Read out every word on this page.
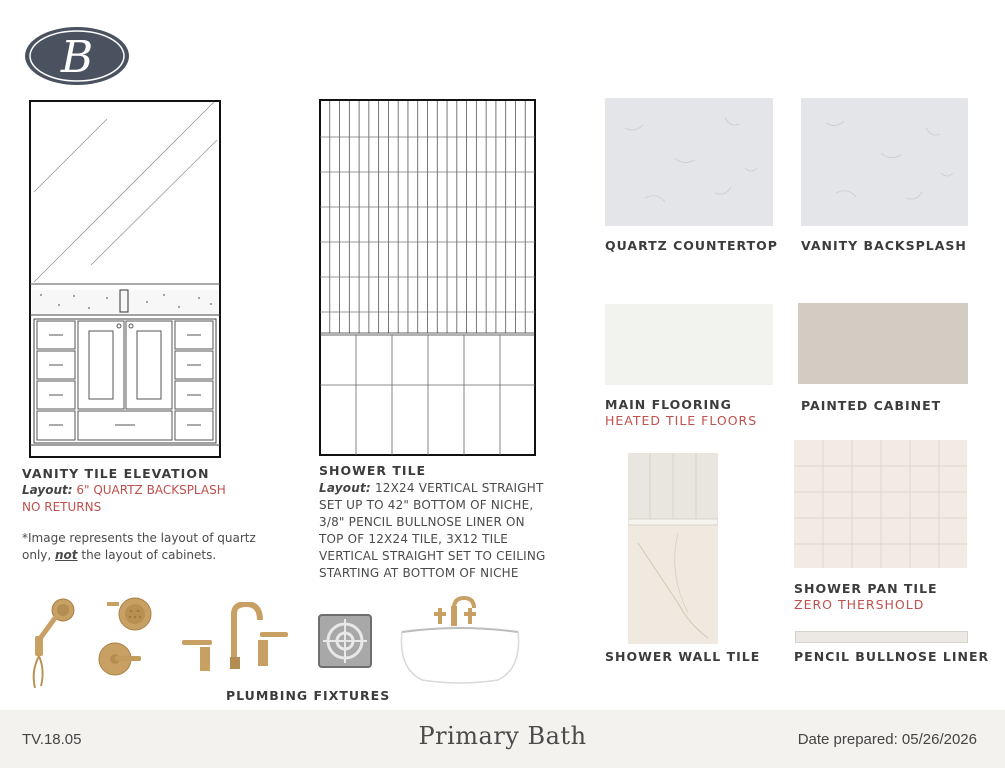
B
VANITY TILE ELEVATION
Layout: 6" QUARTZ BACKSPLASH
NO RETURNS
*Image represents the layout of quartz
only, not the layout of cabinets.
SHOWER TILE
Layout: 12X24 VERTICAL STRAIGHT
SET UP TO 42" BOTTOM OF NICHE,
3/8" PENCIL BULLNOSE LINER ON
TOP OF 12X24 TILE, 3X12 TILE
VERTICAL STRAIGHT SET TO CEILING
STARTING AT BOTTOM OF NICHE
QUARTZ COUNTERTOP VANITY BACKSPLASH
MAIN FLOORING
HEATED TILE FLOORS
PAINTED CABINET
SHOWER WALL TILE
SHOWER PAN TILE
ZERO THERSHOLD
PENCIL BULLNOSE LINER
PLUMBING FIXTURES
TV.18.05	Primary Bath	Date prepared: 05/26/2026
